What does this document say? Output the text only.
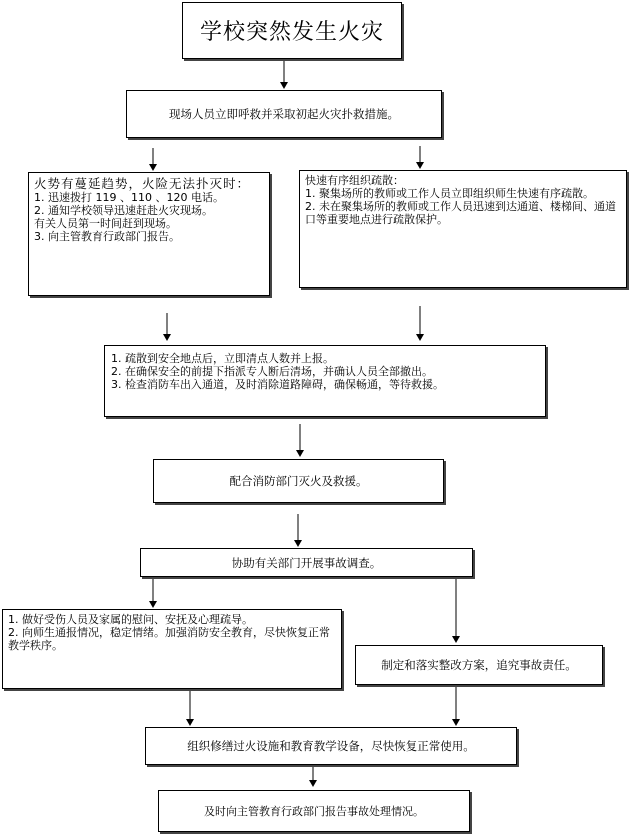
学校突然发生火灾
现场人员立即呼救并采取初起火灾扑救措施。
火势有蔓延趋势，火险无法扑灭时：
1. 迅速拨打 119 、110 、120 电话。
2. 通知学校领导迅速赶赴火灾现场。
有关人员第一时间赶到现场。
3. 向主管教育行政部门报告。
快速有序组织疏散：
1. 聚集场所的教师或工作人员立即组织师生快速有序疏散。
2. 未在聚集场所的教师或工作人员迅速到达通道、楼梯间、通道口等重要地点进行疏散保护。
1. 疏散到安全地点后，立即清点人数并上报。
2. 在确保安全的前提下指派专人断后清场，并确认人员全部撤出。
3. 检查消防车出入通道，及时消除道路障碍，确保畅通，等待救援。
配合消防部门灭火及救援。
协助有关部门开展事故调查。
1. 做好受伤人员及家属的慰问、安抚及心理疏导。
2. 向师生通报情况，稳定情绪。加强消防安全教育，尽快恢复正常教学秩序。
制定和落实整改方案，追究事故责任。
组织修缮过火设施和教育教学设备，尽快恢复正常使用。
及时向主管教育行政部门报告事故处理情况。
